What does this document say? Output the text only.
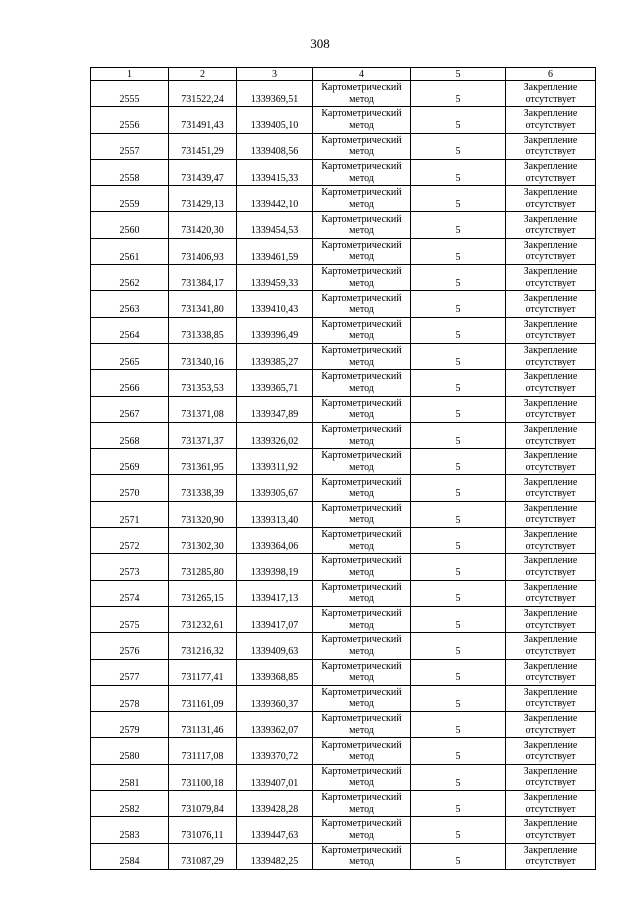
308
1	2	3	4	5	6
2555	731522,24	1339369,51	Картометрический
метод	5	Закрепление
отсутствует

2556	731491,43	1339405,10	Картометрический
метод	5	Закрепление
отсутствует

2557	731451,29	1339408,56	Картометрический
метод	5	Закрепление
отсутствует

2558	731439,47	1339415,33	Картометрический
метод	5	Закрепление
отсутствует

2559	731429,13	1339442,10	Картометрический
метод	5	Закрепление
отсутствует

2560	731420,30	1339454,53	Картометрический
метод	5	Закрепление
отсутствует

2561	731406,93	1339461,59	Картометрический
метод	5	Закрепление
отсутствует

2562	731384,17	1339459,33	Картометрический
метод	5	Закрепление
отсутствует

2563	731341,80	1339410,43	Картометрический
метод	5	Закрепление
отсутствует

2564	731338,85	1339396,49	Картометрический
метод	5	Закрепление
отсутствует

2565	731340,16	1339385,27	Картометрический
метод	5	Закрепление
отсутствует

2566	731353,53	1339365,71	Картометрический
метод	5	Закрепление
отсутствует

2567	731371,08	1339347,89	Картометрический
метод	5	Закрепление
отсутствует

2568	731371,37	1339326,02	Картометрический
метод	5	Закрепление
отсутствует

2569	731361,95	1339311,92	Картометрический
метод	5	Закрепление
отсутствует

2570	731338,39	1339305,67	Картометрический
метод	5	Закрепление
отсутствует

2571	731320,90	1339313,40	Картометрический
метод	5	Закрепление
отсутствует

2572	731302,30	1339364,06	Картометрический
метод	5	Закрепление
отсутствует

2573	731285,80	1339398,19	Картометрический
метод	5	Закрепление
отсутствует

2574	731265,15	1339417,13	Картометрический
метод	5	Закрепление
отсутствует

2575	731232,61	1339417,07	Картометрический
метод	5	Закрепление
отсутствует

2576	731216,32	1339409,63	Картометрический
метод	5	Закрепление
отсутствует

2577	731177,41	1339368,85	Картометрический
метод	5	Закрепление
отсутствует

2578	731161,09	1339360,37	Картометрический
метод	5	Закрепление
отсутствует

2579	731131,46	1339362,07	Картометрический
метод	5	Закрепление
отсутствует

2580	731117,08	1339370,72	Картометрический
метод	5	Закрепление
отсутствует

2581	731100,18	1339407,01	Картометрический
метод	5	Закрепление
отсутствует

2582	731079,84	1339428,28	Картометрический
метод	5	Закрепление
отсутствует

2583	731076,11	1339447,63	Картометрический
метод	5	Закрепление
отсутствует

2584	731087,29	1339482,25	Картометрический
метод	5	Закрепление
отсутствует
